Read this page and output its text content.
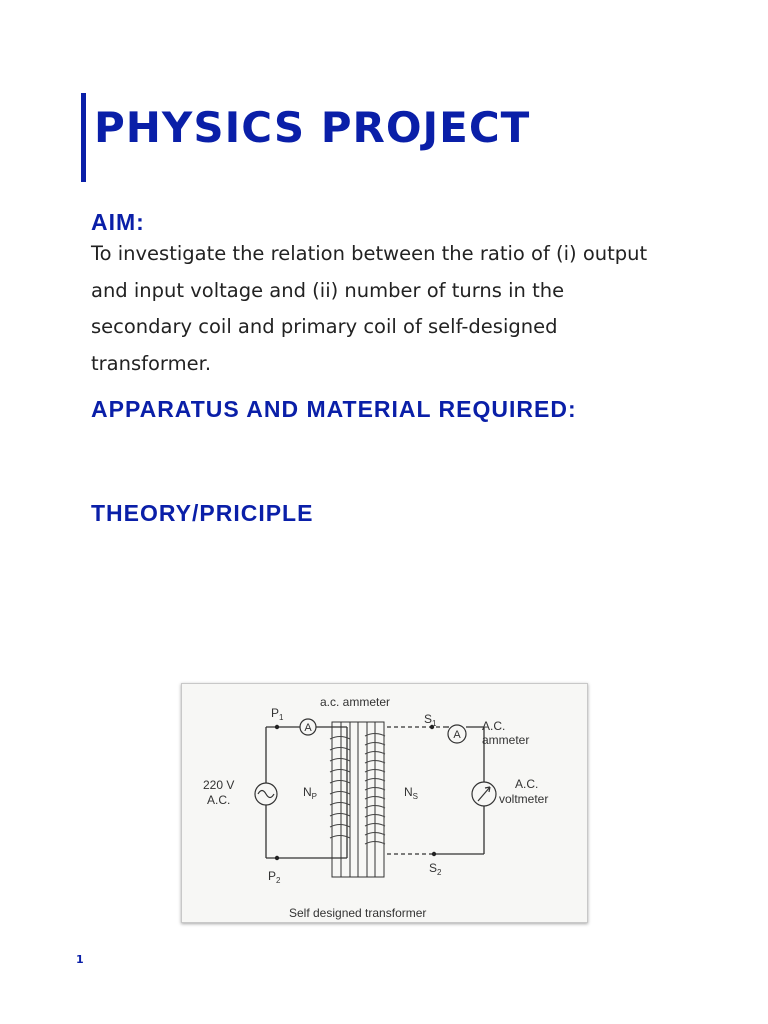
PHYSICS PROJECT
AIM:

To investigate the relation between the ratio of (i) output
and input voltage and (ii) number of turns in the
secondary coil and primary coil of self-designed
transformer.

APPARATUS AND MATERIAL REQUIRED:
THEORY/PRICIPLE
A
A
a.c. ammeter
$P_1$
$P_2$
$S_1$
$S_2$
220 V
A.C.
$N_P$	$N_S$
A.C.
ammeter
A.C.
voltmeter
Self designed transformer
1
